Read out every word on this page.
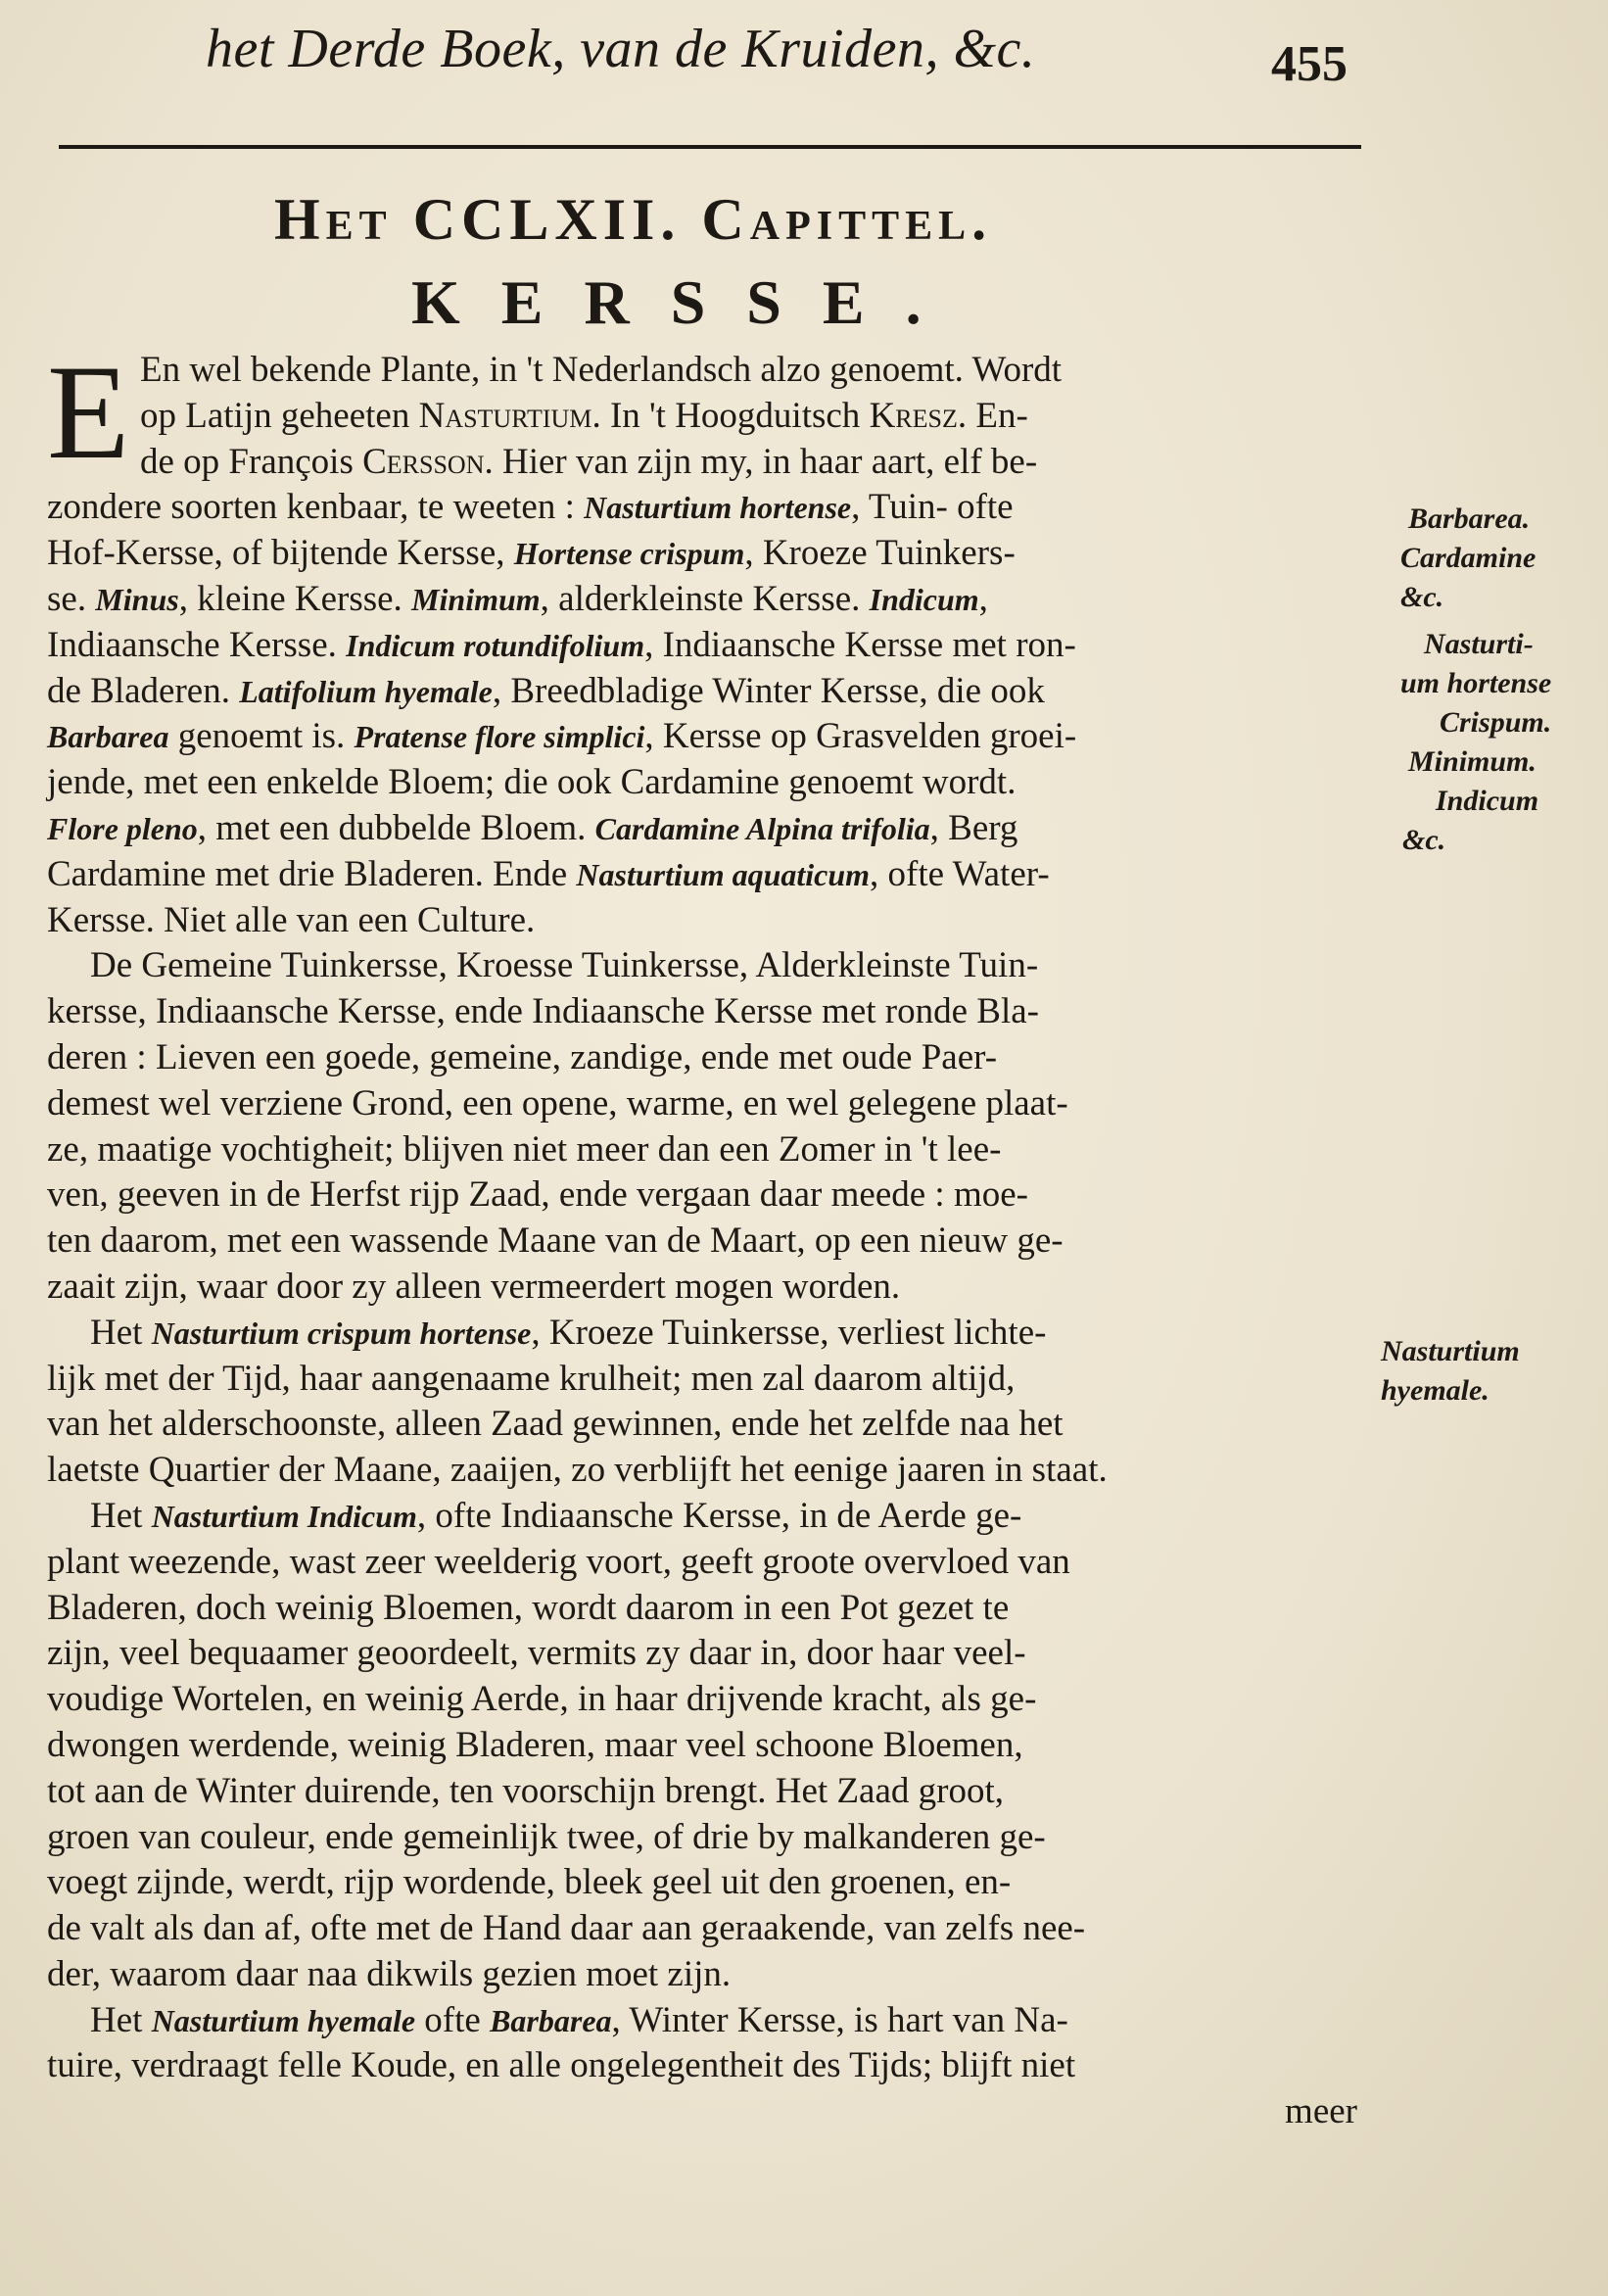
het Derde Boek, van de Kruiden, &c.	455
Het CCLXII. Capittel.
KERSSE.
E En wel bekende Plante, in 't Nederlandsch alzo genoemt. Wordt
op Latijn geheeten Nasturtium. In 't Hoogduitsch Kresz. En-
de op François Cersson. Hier van zijn my, in haar aart, elf be-
zondere soorten kenbaar, te weeten : Nasturtium hortense, Tuin- ofte
Hof-Kersse, of bijtende Kersse, Hortense crispum, Kroeze Tuinkers-
se. Minus, kleine Kersse. Minimum, alderkleinste Kersse. Indicum,
Indiaansche Kersse. Indicum rotundifolium, Indiaansche Kersse met ron-
de Bladeren. Latifolium hyemale, Breedbladige Winter Kersse, die ook
Barbarea genoemt is. Pratense flore simplici, Kersse op Grasvelden groei-
jende, met een enkelde Bloem; die ook Cardamine genoemt wordt.
Flore pleno, met een dubbelde Bloem. Cardamine Alpina trifolia, Berg
Cardamine met drie Bladeren. Ende Nasturtium aquaticum, ofte Water-
Kersse. Niet alle van een Culture.
De Gemeine Tuinkersse, Kroesse Tuinkersse, Alderkleinste Tuin-
kersse, Indiaansche Kersse, ende Indiaansche Kersse met ronde Bla-
deren : Lieven een goede, gemeine, zandige, ende met oude Paer-
demest wel verziene Grond, een opene, warme, en wel gelegene plaat-
ze, maatige vochtigheit; blijven niet meer dan een Zomer in 't lee-
ven, geeven in de Herfst rijp Zaad, ende vergaan daar meede : moe-
ten daarom, met een wassende Maane van de Maart, op een nieuw ge-
zaait zijn, waar door zy alleen vermeerdert mogen worden.
Het Nasturtium crispum hortense, Kroeze Tuinkersse, verliest lichte-
lijk met der Tijd, haar aangenaame krulheit; men zal daarom altijd,
van het alderschoonste, alleen Zaad gewinnen, ende het zelfde naa het
laetste Quartier der Maane, zaaijen, zo verblijft het eenige jaaren in staat.
Het Nasturtium Indicum, ofte Indiaansche Kersse, in de Aerde ge-
plant weezende, wast zeer weelderig voort, geeft groote overvloed van
Bladeren, doch weinig Bloemen, wordt daarom in een Pot gezet te
zijn, veel bequaamer geoordeelt, vermits zy daar in, door haar veel-
voudige Wortelen, en weinig Aerde, in haar drijvende kracht, als ge-
dwongen werdende, weinig Bladeren, maar veel schoone Bloemen,
tot aan de Winter duirende, ten voorschijn brengt. Het Zaad groot,
groen van couleur, ende gemeinlijk twee, of drie by malkanderen ge-
voegt zijnde, werdt, rijp wordende, bleek geel uit den groenen, en-
de valt als dan af, ofte met de Hand daar aan geraakende, van zelfs nee-
der, waarom daar naa dikwils gezien moet zijn.
Het Nasturtium hyemale ofte Barbarea, Winter Kersse, is hart van Na-
tuire, verdraagt felle Koude, en alle ongelegentheit des Tijds; blijft niet
meer
Barbarea.
Cardamine
&c.
Nasturti-
um hortense
Crispum.
Minimum.
Indicum
&c.
Nasturtium
hyemale.
